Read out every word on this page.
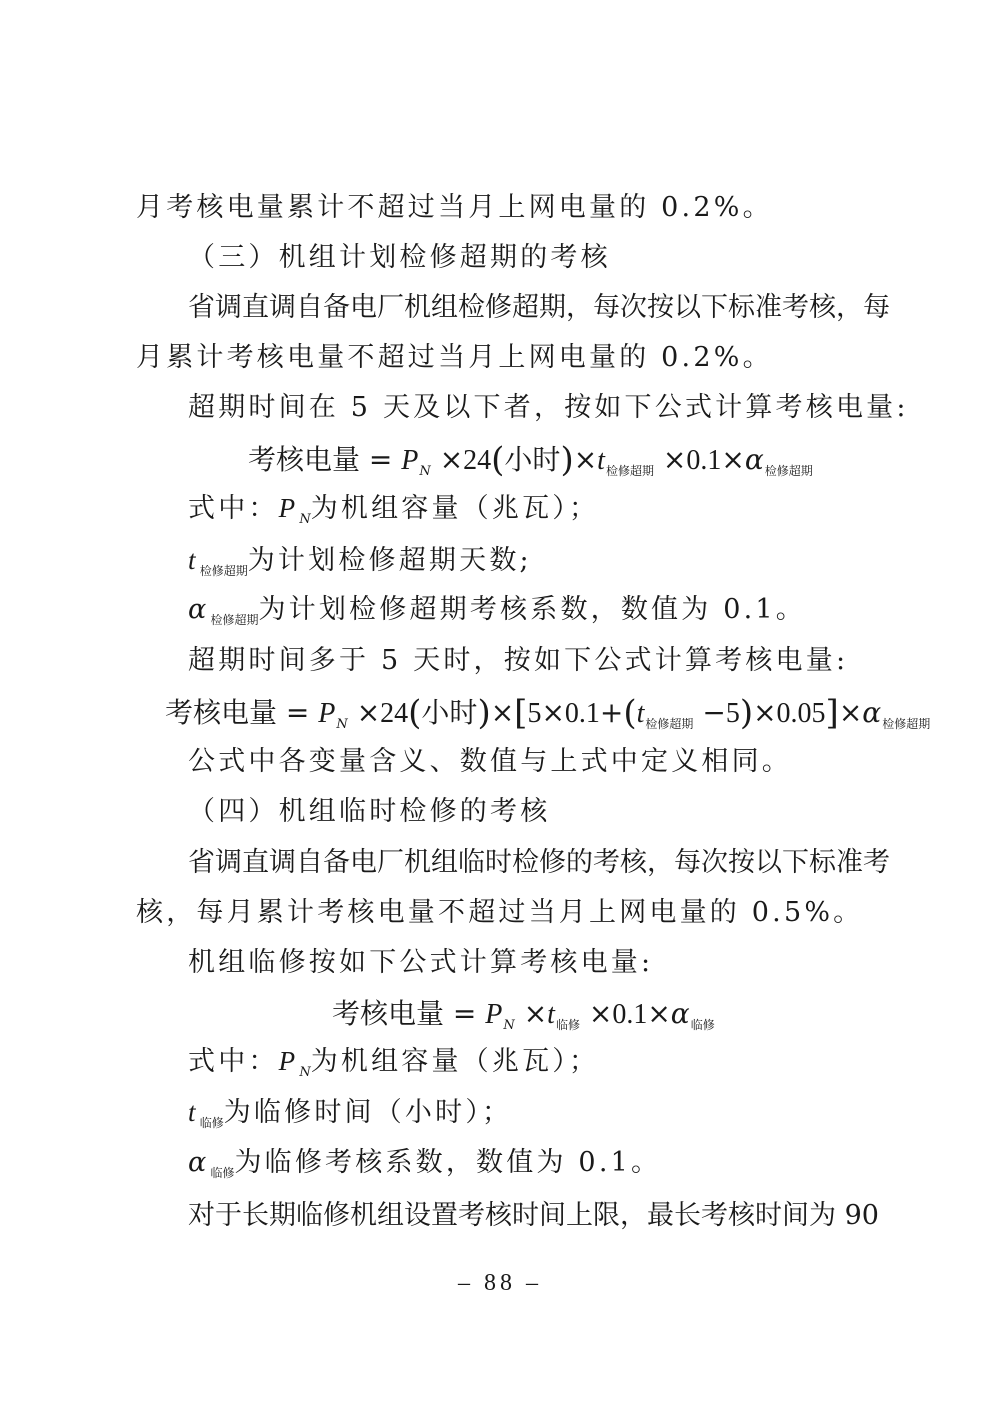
月考核电量累计不超过当月上网电量的 0.2%。
（三）机组计划检修超期的考核
省调直调自备电厂机组检修超期，每次按以下标准考核，每
月累计考核电量不超过当月上网电量的 0.2%。
超期时间在 5 天及以下者，按如下公式计算考核电量:
考核电量 = $P_N \times 24$(小时)$\times t_{检修超期} \times 0.1\times\alpha_{检修超期}$
式中：$P_N$为机组容量（兆瓦）；
$t_{检修超期}$为计划检修超期天数;
$\alpha_{检修超期}$为计划检修超期考核系数，数值为 0.1。
超期时间多于 5 天时，按如下公式计算考核电量:
考核电量 = $P_N \times 24$(小时)$\times[5\times 0.1+(t_{检修超期} -5)\times 0.05]\times\alpha_{检修超期}$
公式中各变量含义、数值与上式中定义相同。
（四）机组临时检修的考核
省调直调自备电厂机组临时检修的考核，每次按以下标准考
核，每月累计考核电量不超过当月上网电量的 0.5%。
机组临修按如下公式计算考核电量:
考核电量 = $P_N \times t_{临修} \times 0.1\times\alpha_{临修}$
式中：$P_N$为机组容量（兆瓦）；
$t_{临修}$为临修时间（小时）；
$\alpha_{临修}$为临修考核系数，数值为 0.1。
对于长期临修机组设置考核时间上限，最长考核时间为 90
– 88 –
